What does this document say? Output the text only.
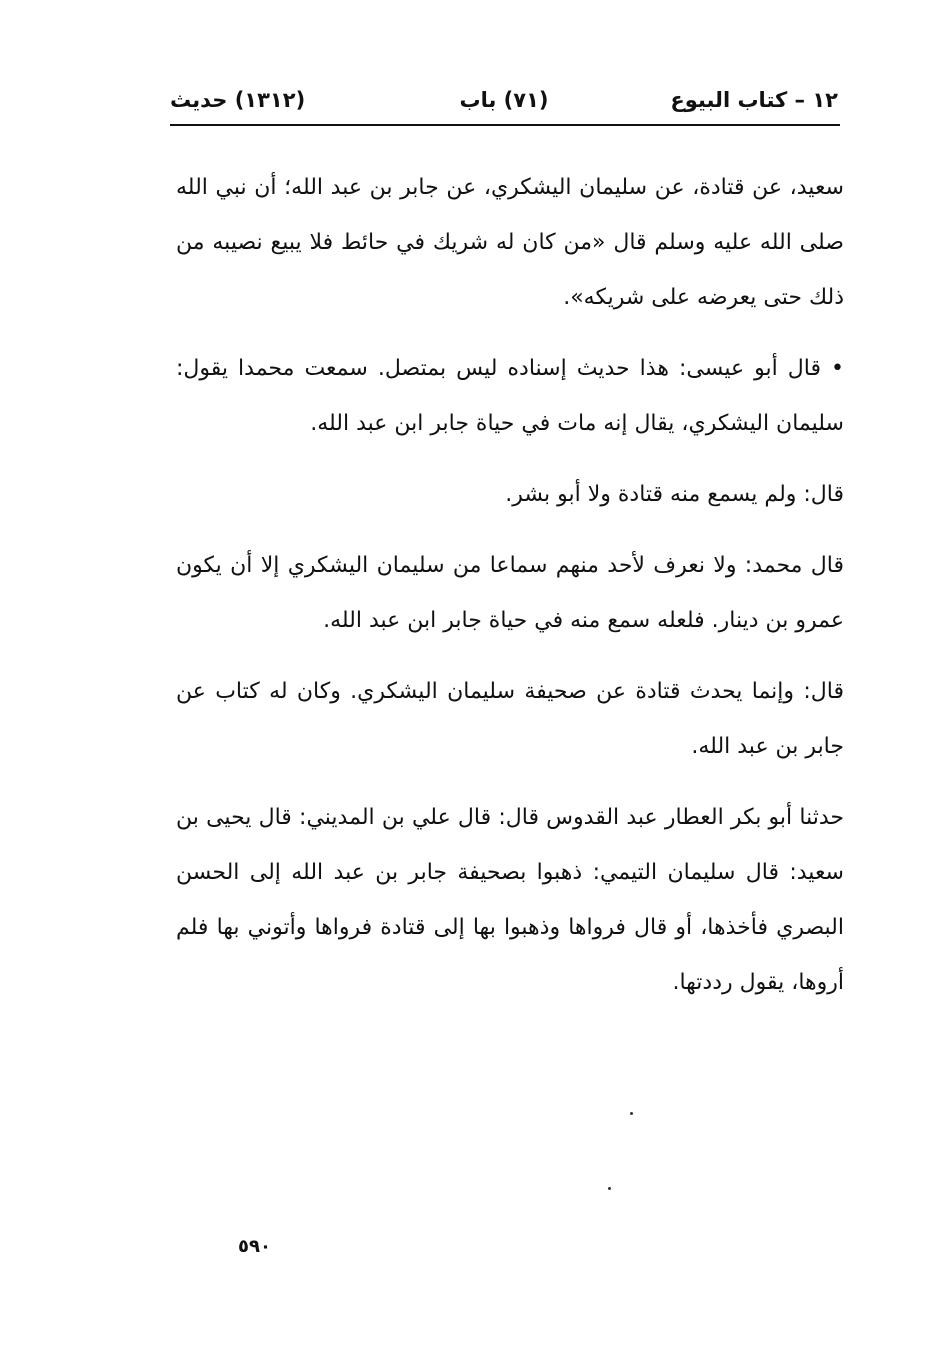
١٢ – كتاب البيوع
(٧١) باب
(١٣١٢) حديث

سعيد، عن قتادة، عن سليمان اليشكري، عن جابر بن عبد الله؛ أن نبي الله صلى الله عليه وسلم قال «من كان له شريك في حائط فلا يبيع نصيبه من ذلك حتى يعرضه على شريكه».

• قال أبو عيسى: هذا حديث إسناده ليس بمتصل. سمعت محمدا يقول: سليمان اليشكري، يقال إنه مات في حياة جابر ابن عبد الله.

قال: ولم يسمع منه قتادة ولا أبو بشر.

قال محمد: ولا نعرف لأحد منهم سماعا من سليمان اليشكري إلا أن يكون عمرو بن دينار. فلعله سمع منه في حياة جابر ابن عبد الله.

قال: وإنما يحدث قتادة عن صحيفة سليمان اليشكري. وكان له كتاب عن جابر بن عبد الله.

حدثنا أبو بكر العطار عبد القدوس قال: قال علي بن المديني: قال يحيى بن سعيد: قال سليمان التيمي: ذهبوا بصحيفة جابر بن عبد الله إلى الحسن البصري فأخذها، أو قال فرواها وذهبوا بها إلى قتادة فرواها وأتوني بها فلم أروها، يقول رددتها.

٥٩٠
